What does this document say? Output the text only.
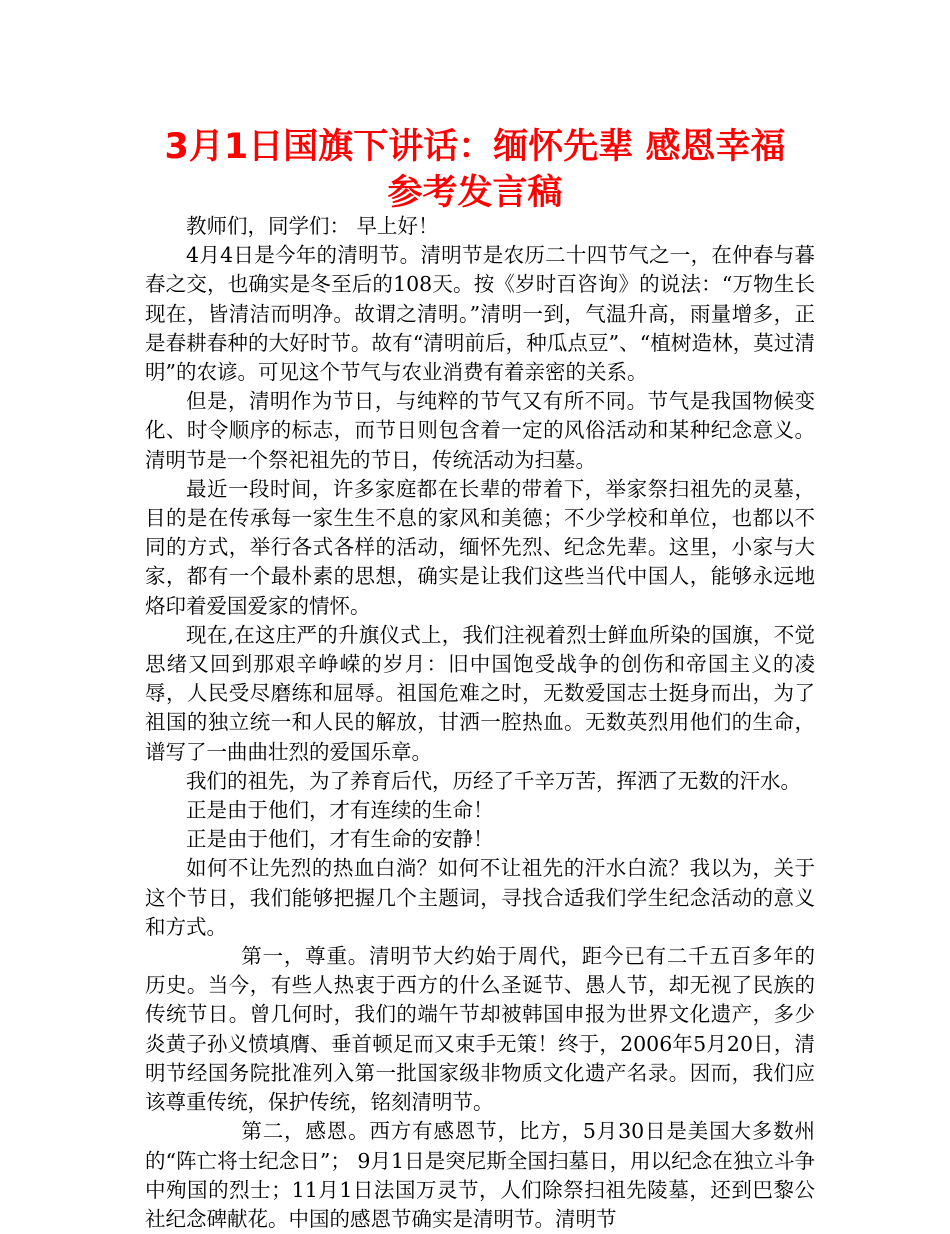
3月1日国旗下讲话：缅怀先辈 感恩幸福
参考发言稿

教师们，同学们： 早上好！

4月4日是今年的清明节。清明节是农历二十四节气之一，在仲春与暮春之交，也确实是冬至后的108天。按《岁时百咨询》的说法：“万物生长现在，皆清洁而明净。故谓之清明。”清明一到，气温升高，雨量增多，正是春耕春种的大好时节。故有“清明前后，种瓜点豆”、“植树造林，莫过清明”的农谚。可见这个节气与农业消费有着亲密的关系。

但是，清明作为节日，与纯粹的节气又有所不同。节气是我国物候变化、时令顺序的标志，而节日则包含着一定的风俗活动和某种纪念意义。清明节是一个祭祀祖先的节日，传统活动为扫墓。

最近一段时间，许多家庭都在长辈的带着下，举家祭扫祖先的灵墓，目的是在传承每一家生生不息的家风和美德；不少学校和单位，也都以不同的方式，举行各式各样的活动，缅怀先烈、纪念先辈。这里，小家与大家，都有一个最朴素的思想，确实是让我们这些当代中国人，能够永远地烙印着爱国爱家的情怀。

现在,在这庄严的升旗仪式上，我们注视着烈士鲜血所染的国旗，不觉思绪又回到那艰辛峥嵘的岁月：旧中国饱受战争的创伤和帝国主义的凌辱，人民受尽磨练和屈辱。祖国危难之时，无数爱国志士挺身而出，为了祖国的独立统一和人民的解放，甘洒一腔热血。无数英烈用他们的生命，谱写了一曲曲壮烈的爱国乐章。

我们的祖先，为了养育后代，历经了千辛万苦，挥洒了无数的汗水。

正是由于他们，才有连续的生命！

正是由于他们，才有生命的安静！

如何不让先烈的热血白淌？如何不让祖先的汗水白流？我以为，关于这个节日，我们能够把握几个主题词，寻找合适我们学生纪念活动的意义和方式。

第一，尊重。清明节大约始于周代，距今已有二千五百多年的历史。当今，有些人热衷于西方的什么圣诞节、愚人节，却无视了民族的传统节日。曾几何时，我们的端午节却被韩国申报为世界文化遗产，多少炎黄子孙义愤填膺、垂首顿足而又束手无策！终于，2006年5月20日，清明节经国务院批准列入第一批国家级非物质文化遗产名录。因而，我们应该尊重传统，保护传统，铭刻清明节。

第二，感恩。西方有感恩节，比方，5月30日是美国大多数州的“阵亡将士纪念日”； 9月1日是突尼斯全国扫墓日，用以纪念在独立斗争中殉国的烈士；11月1日法国万灵节，人们除祭扫祖先陵墓，还到巴黎公社纪念碑献花。中国的感恩节确实是清明节。清明节
